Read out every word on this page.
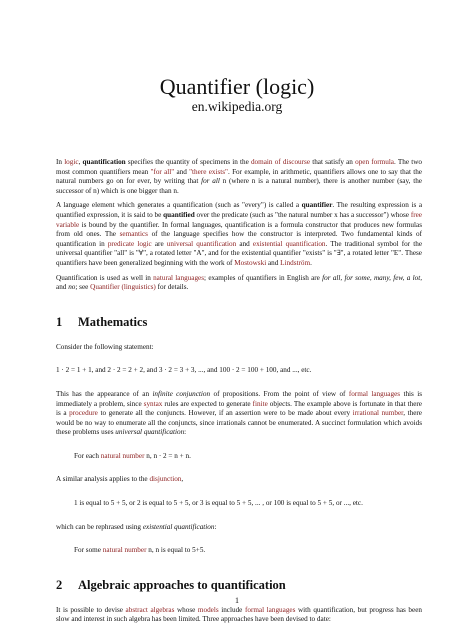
Quantifier (logic)
en.wikipedia.org

In logic, quantification specifies the quantity of specimens in the domain of discourse that satisfy an open formula. The two most common quantifiers mean "for all" and "there exists". For example, in arithmetic, quantifiers allows one to say that the natural numbers go on for ever, by writing that for all n (where n is a natural number), there is another number (say, the successor of n) which is one bigger than n.

A language element which generates a quantification (such as "every") is called a quantifier. The resulting expression is a quantified expression, it is said to be quantified over the predicate (such as "the natural number x has a successor") whose free variable is bound by the quantifier. In formal languages, quantification is a formula constructor that produces new formulas from old ones. The semantics of the language specifies how the constructor is interpreted. Two fundamental kinds of quantification in predicate logic are universal quantification and existential quantification. The traditional symbol for the universal quantifier "all" is "∀", a rotated letter "A", and for the existential quantifier "exists" is "∃", a rotated letter "E". These quantifiers have been generalized beginning with the work of Mostowski and Lindström.

Quantification is used as well in natural languages; examples of quantifiers in English are for all, for some, many, few, a lot, and no; see Quantifier (linguistics) for details.

1 Mathematics

Consider the following statement:

1 · 2 = 1 + 1, and 2 · 2 = 2 + 2, and 3 · 2 = 3 + 3, ..., and 100 · 2 = 100 + 100, and ..., etc.

This has the appearance of an infinite conjunction of propositions. From the point of view of formal languages this is immediately a problem, since syntax rules are expected to generate finite objects. The example above is fortunate in that there is a procedure to generate all the conjuncts. However, if an assertion were to be made about every irrational number, there would be no way to enumerate all the conjuncts, since irrationals cannot be enumerated. A succinct formulation which avoids these problems uses universal quantification:

For each natural number n, n · 2 = n + n.

A similar analysis applies to the disjunction,

1 is equal to 5 + 5, or 2 is equal to 5 + 5, or 3 is equal to 5 + 5, ... , or 100 is equal to 5 + 5, or ..., etc.

which can be rephrased using existential quantification:

For some natural number n, n is equal to 5+5.

2 Algebraic approaches to quantification

It is possible to devise abstract algebras whose models include formal languages with quantification, but progress has been slow and interest in such algebra has been limited. Three approaches have been devised to date:

1
